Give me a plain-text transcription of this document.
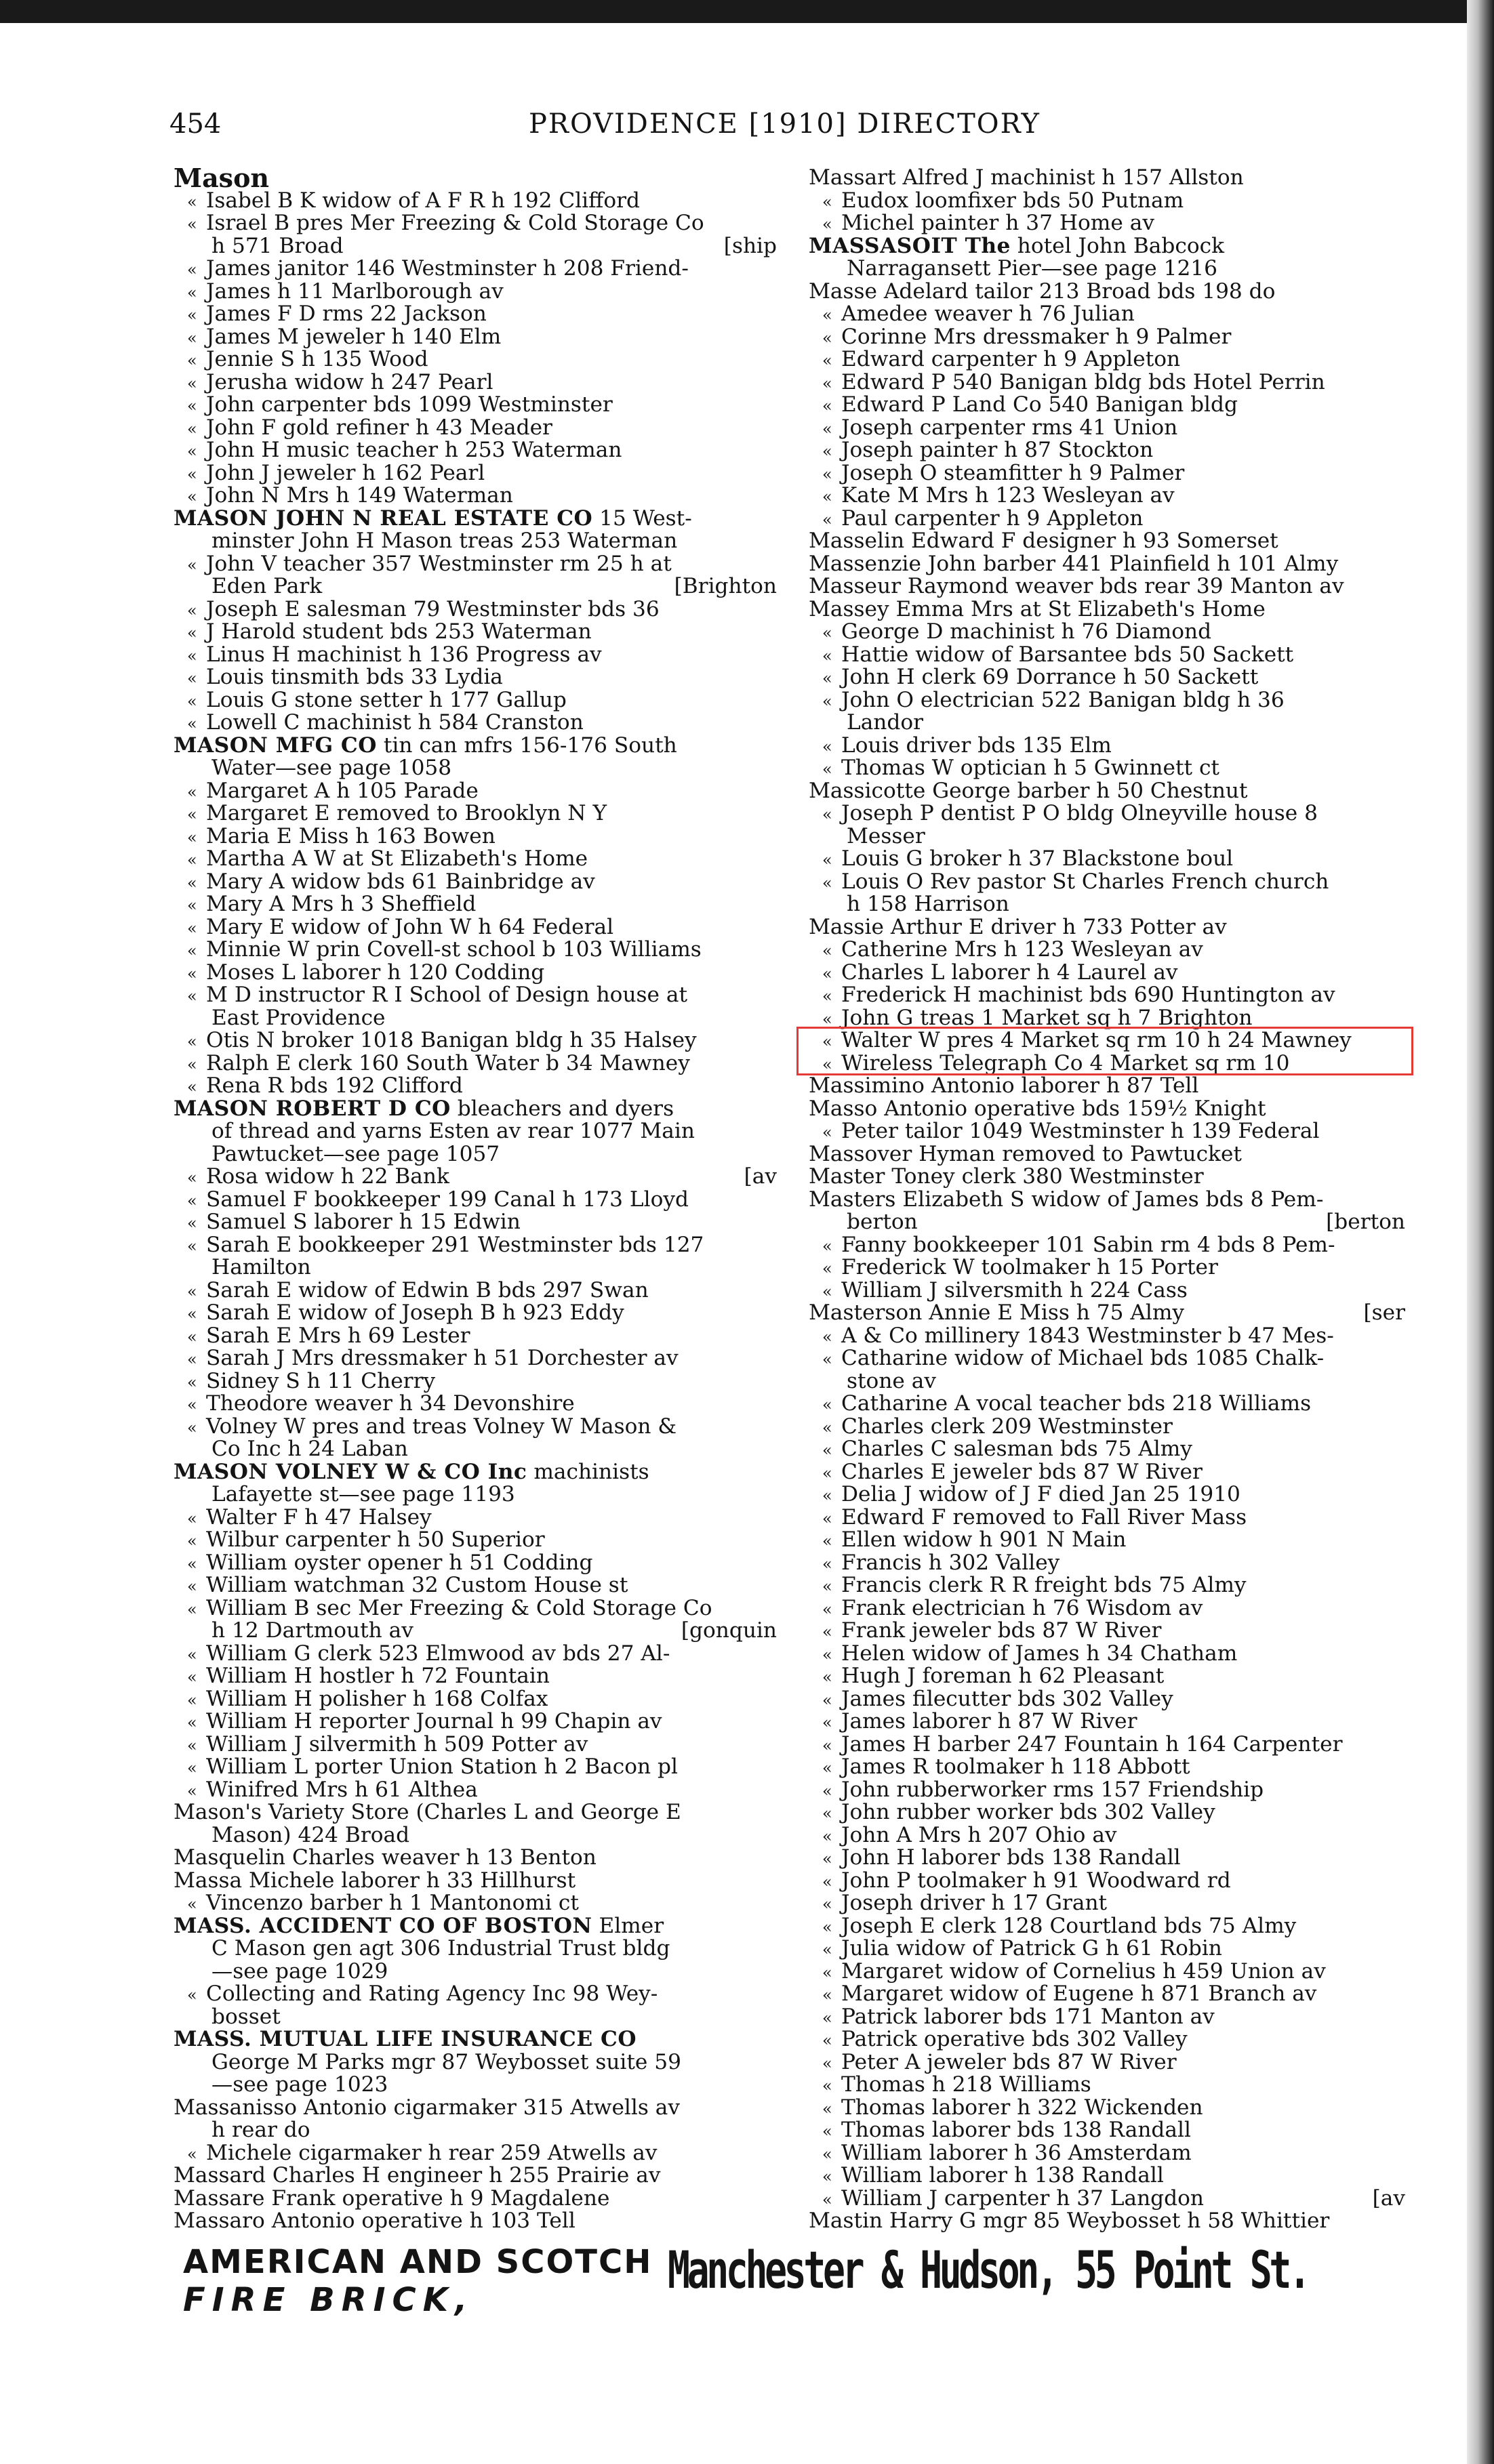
454	PROVIDENCE [1910] DIRECTORY
Mason
« Isabel B K widow of A F R h 192 Clifford
« Israel B pres Mer Freezing & Cold Storage Co
h 571 Broad	[ship
« James janitor 146 Westminster h 208 Friend-
« James h 11 Marlborough av
« James F D rms 22 Jackson
« James M jeweler h 140 Elm
« Jennie S h 135 Wood
« Jerusha widow h 247 Pearl
« John carpenter bds 1099 Westminster
« John F gold refiner h 43 Meader
« John H music teacher h 253 Waterman
« John J jeweler h 162 Pearl
« John N Mrs h 149 Waterman
MASON JOHN N REAL ESTATE CO 15 West-
minster John H Mason treas 253 Waterman
« John V teacher 357 Westminster rm 25 h at
Eden Park	[Brighton
« Joseph E salesman 79 Westminster bds 36
« J Harold student bds 253 Waterman
« Linus H machinist h 136 Progress av
« Louis tinsmith bds 33 Lydia
« Louis G stone setter h 177 Gallup
« Lowell C machinist h 584 Cranston
MASON MFG CO tin can mfrs 156-176 South
Water—see page 1058
« Margaret A h 105 Parade
« Margaret E removed to Brooklyn N Y
« Maria E Miss h 163 Bowen
« Martha A W at St Elizabeth's Home
« Mary A widow bds 61 Bainbridge av
« Mary A Mrs h 3 Sheffield
« Mary E widow of John W h 64 Federal
« Minnie W prin Covell-st school b 103 Williams
« Moses L laborer h 120 Codding
« M D instructor R I School of Design house at
East Providence
« Otis N broker 1018 Banigan bldg h 35 Halsey
« Ralph E clerk 160 South Water b 34 Mawney
« Rena R bds 192 Clifford
MASON ROBERT D CO bleachers and dyers
of thread and yarns Esten av rear 1077 Main
Pawtucket—see page 1057
« Rosa widow h 22 Bank	[av
« Samuel F bookkeeper 199 Canal h 173 Lloyd
« Samuel S laborer h 15 Edwin
« Sarah E bookkeeper 291 Westminster bds 127
Hamilton
« Sarah E widow of Edwin B bds 297 Swan
« Sarah E widow of Joseph B h 923 Eddy
« Sarah E Mrs h 69 Lester
« Sarah J Mrs dressmaker h 51 Dorchester av
« Sidney S h 11 Cherry
« Theodore weaver h 34 Devonshire
« Volney W pres and treas Volney W Mason &
Co Inc h 24 Laban
MASON VOLNEY W & CO Inc machinists
Lafayette st—see page 1193
« Walter F h 47 Halsey
« Wilbur carpenter h 50 Superior
« William oyster opener h 51 Codding
« William watchman 32 Custom House st
« William B sec Mer Freezing & Cold Storage Co
h 12 Dartmouth av	[gonquin
« William G clerk 523 Elmwood av bds 27 Al-
« William H hostler h 72 Fountain
« William H polisher h 168 Colfax
« William H reporter Journal h 99 Chapin av
« William J silvermith h 509 Potter av
« William L porter Union Station h 2 Bacon pl
« Winifred Mrs h 61 Althea
Mason's Variety Store (Charles L and George E
Mason) 424 Broad
Masquelin Charles weaver h 13 Benton
Massa Michele laborer h 33 Hillhurst
« Vincenzo barber h 1 Mantonomi ct
MASS. ACCIDENT CO OF BOSTON Elmer
C Mason gen agt 306 Industrial Trust bldg
—see page 1029
« Collecting and Rating Agency Inc 98 Wey-
bosset
MASS. MUTUAL LIFE INSURANCE CO
George M Parks mgr 87 Weybosset suite 59
—see page 1023
Massanisso Antonio cigarmaker 315 Atwells av
h rear do
« Michele cigarmaker h rear 259 Atwells av
Massard Charles H engineer h 255 Prairie av
Massare Frank operative h 9 Magdalene
Massaro Antonio operative h 103 Tell
Massart Alfred J machinist h 157 Allston
« Eudox loomfixer bds 50 Putnam
« Michel painter h 37 Home av
MASSASOIT The hotel John Babcock
Narragansett Pier—see page 1216
Masse Adelard tailor 213 Broad bds 198 do
« Amedee weaver h 76 Julian
« Corinne Mrs dressmaker h 9 Palmer
« Edward carpenter h 9 Appleton
« Edward P 540 Banigan bldg bds Hotel Perrin
« Edward P Land Co 540 Banigan bldg
« Joseph carpenter rms 41 Union
« Joseph painter h 87 Stockton
« Joseph O steamfitter h 9 Palmer
« Kate M Mrs h 123 Wesleyan av
« Paul carpenter h 9 Appleton
Masselin Edward F designer h 93 Somerset
Massenzie John barber 441 Plainfield h 101 Almy
Masseur Raymond weaver bds rear 39 Manton av
Massey Emma Mrs at St Elizabeth's Home
« George D machinist h 76 Diamond
« Hattie widow of Barsantee bds 50 Sackett
« John H clerk 69 Dorrance h 50 Sackett
« John O electrician 522 Banigan bldg h 36
Landor
« Louis driver bds 135 Elm
« Thomas W optician h 5 Gwinnett ct
Massicotte George barber h 50 Chestnut
« Joseph P dentist P O bldg Olneyville house 8
Messer
« Louis G broker h 37 Blackstone boul
« Louis O Rev pastor St Charles French church
h 158 Harrison
Massie Arthur E driver h 733 Potter av
« Catherine Mrs h 123 Wesleyan av
« Charles L laborer h 4 Laurel av
« Frederick H machinist bds 690 Huntington av
« John G treas 1 Market sq h 7 Brighton
« Walter W pres 4 Market sq rm 10 h 24 Mawney
« Wireless Telegraph Co 4 Market sq rm 10
Massimino Antonio laborer h 87 Tell
Masso Antonio operative bds 159½ Knight
« Peter tailor 1049 Westminster h 139 Federal
Massover Hyman removed to Pawtucket
Master Toney clerk 380 Westminster
Masters Elizabeth S widow of James bds 8 Pem-
berton	[berton
« Fanny bookkeeper 101 Sabin rm 4 bds 8 Pem-
« Frederick W toolmaker h 15 Porter
« William J silversmith h 224 Cass
Masterson Annie E Miss h 75 Almy	[ser
« A & Co millinery 1843 Westminster b 47 Mes-
« Catharine widow of Michael bds 1085 Chalk-
stone av
« Catharine A vocal teacher bds 218 Williams
« Charles clerk 209 Westminster
« Charles C salesman bds 75 Almy
« Charles E jeweler bds 87 W River
« Delia J widow of J F died Jan 25 1910
« Edward F removed to Fall River Mass
« Ellen widow h 901 N Main
« Francis h 302 Valley
« Francis clerk R R freight bds 75 Almy
« Frank electrician h 76 Wisdom av
« Frank jeweler bds 87 W River
« Helen widow of James h 34 Chatham
« Hugh J foreman h 62 Pleasant
« James filecutter bds 302 Valley
« James laborer h 87 W River
« James H barber 247 Fountain h 164 Carpenter
« James R toolmaker h 118 Abbott
« John rubberworker rms 157 Friendship
« John rubber worker bds 302 Valley
« John A Mrs h 207 Ohio av
« John H laborer bds 138 Randall
« John P toolmaker h 91 Woodward rd
« Joseph driver h 17 Grant
« Joseph E clerk 128 Courtland bds 75 Almy
« Julia widow of Patrick G h 61 Robin
« Margaret widow of Cornelius h 459 Union av
« Margaret widow of Eugene h 871 Branch av
« Patrick laborer bds 171 Manton av
« Patrick operative bds 302 Valley
« Peter A jeweler bds 87 W River
« Thomas h 218 Williams
« Thomas laborer h 322 Wickenden
« Thomas laborer bds 138 Randall
« William laborer h 36 Amsterdam
« William laborer h 138 Randall
« William J carpenter h 37 Langdon	[av
Mastin Harry G mgr 85 Weybosset h 58 Whittier
AMERICAN AND SCOTCH
FIRE BRICK,	Manchester & Hudson, 55 Point St.
